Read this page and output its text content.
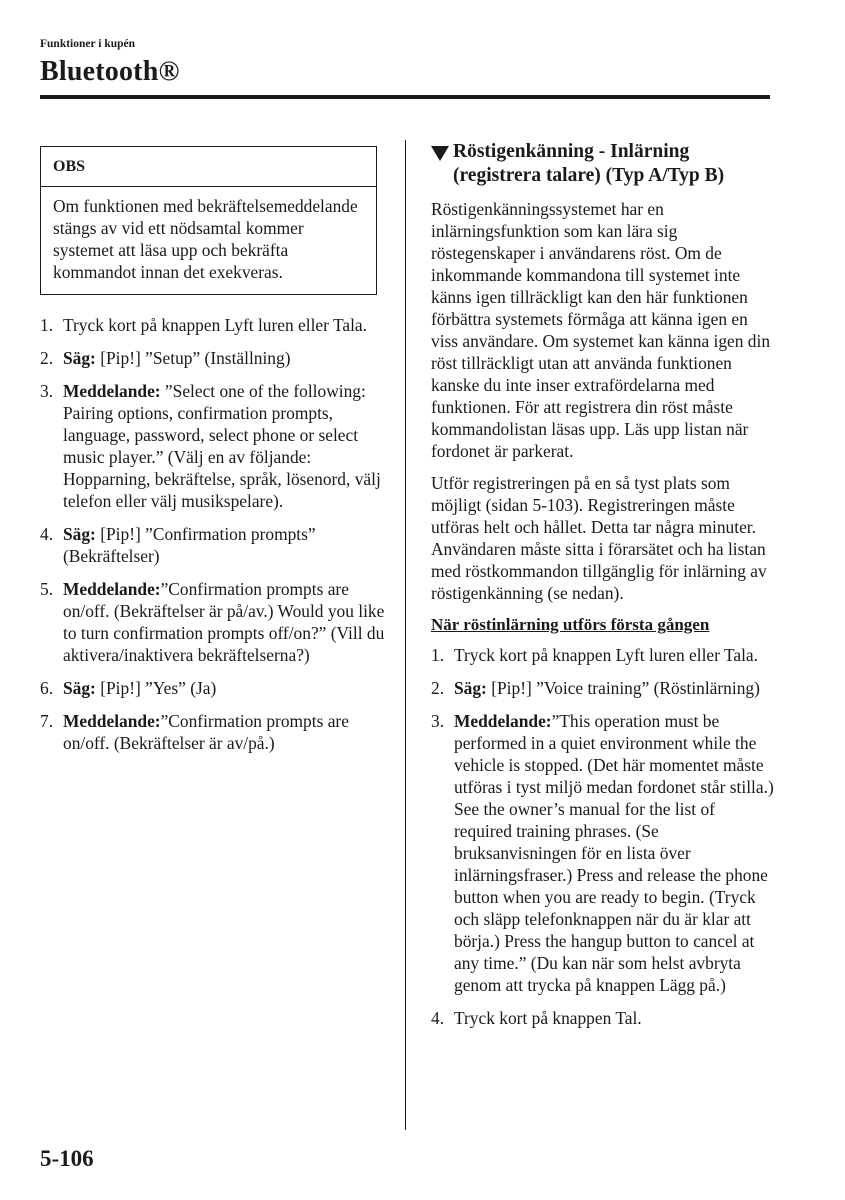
Funktioner i kupén
Bluetooth®
OBS
Om funktionen med bekräftelsemeddelande stängs av vid ett nödsamtal kommer systemet att läsa upp och bekräfta kommandot innan det exekveras.
1. Tryck kort på knappen Lyft luren eller Tala.
2. Säg: [Pip!] ”Setup” (Inställning)
3. Meddelande: ”Select one of the following: Pairing options, confirmation prompts, language, password, select phone or select music player.” (Välj en av följande: Hopparning, bekräftelse, språk, lösenord, välj telefon eller välj musikspelare).
4. Säg: [Pip!] ”Confirmation prompts” (Bekräftelser)
5. Meddelande:”Confirmation prompts are on/off. (Bekräftelser är på/av.) Would you like to turn confirmation prompts off/on?” (Vill du aktivera/inaktivera bekräftelserna?)
6. Säg: [Pip!] ”Yes” (Ja)
7. Meddelande:”Confirmation prompts are on/off. (Bekräftelser är av/på.)
Röstigenkänning - Inlärning (registrera talare) (Typ A/Typ B)
Röstigenkänningssystemet har en inlärningsfunktion som kan lära sig röstegenskaper i användarens röst. Om de inkommande kommandona till systemet inte känns igen tillräckligt kan den här funktionen förbättra systemets förmåga att känna igen en viss användare. Om systemet kan känna igen din röst tillräckligt utan att använda funktionen kanske du inte inser extrafördelarna med funktionen. För att registrera din röst måste kommandolistan läsas upp. Läs upp listan när fordonet är parkerat.
Utför registreringen på en så tyst plats som möjligt (sidan 5-103). Registreringen måste utföras helt och hållet. Detta tar några minuter. Användaren måste sitta i förarsätet och ha listan med röstkommandon tillgänglig för inlärning av röstigenkänning (se nedan).
När röstinlärning utförs första gången
1. Tryck kort på knappen Lyft luren eller Tala.
2. Säg: [Pip!] ”Voice training” (Röstinlärning)
3. Meddelande:”This operation must be performed in a quiet environment while the vehicle is stopped. (Det här momentet måste utföras i tyst miljö medan fordonet står stilla.) See the owner’s manual for the list of required training phrases. (Se bruksanvisningen för en lista över inlärningsfraser.) Press and release the phone button when you are ready to begin. (Tryck och släpp telefonknappen när du är klar att börja.) Press the hangup button to cancel at any time.” (Du kan när som helst avbryta genom att trycka på knappen Lägg på.)
4. Tryck kort på knappen Tal.
5-106
